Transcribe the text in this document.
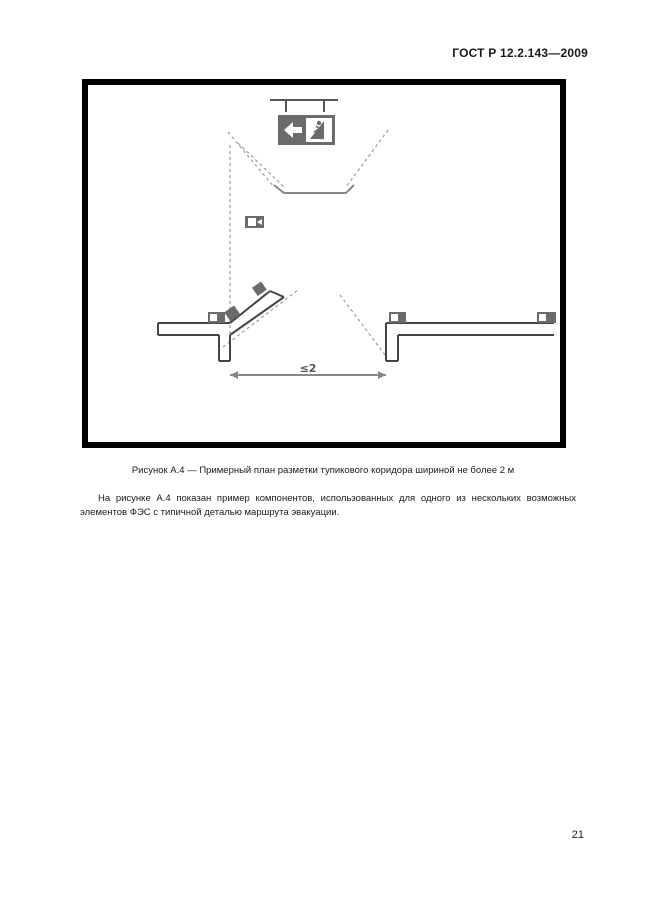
ГОСТ Р 12.2.143—2009
≤2
Рисунок А.4 — Примерный план разметки тупикового коридора шириной не более 2 м
На рисунке А.4 показан пример компонентов, использованных для одного из нескольких возможных элементов ФЭС с типичной деталью маршрута эвакуации.
21
